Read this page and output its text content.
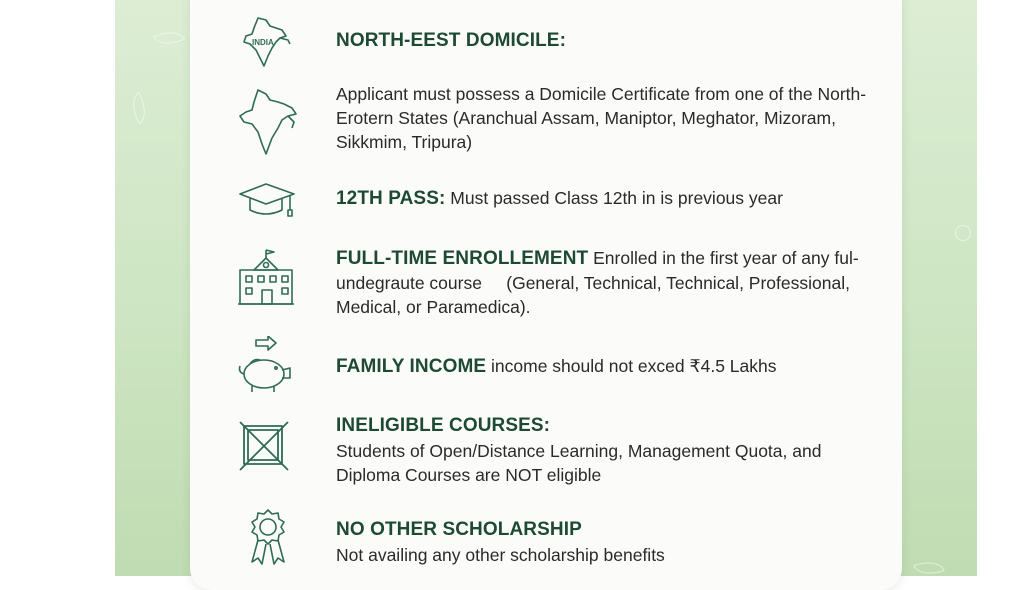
INDIA	NORTH-EEST DOMICILE:
Applicant must possess a Domicile Certificate from one of the North-Erotern States (Aranchual Assam, Maniptor, Meghator, Mizoram, Sikkmim, Tripura)
12TH PASS: Must passed Class 12th in is previous year
FULL-TIME ENROLLEMENT Enrolled in the first year of any ful-undegraute course     (General, Technical, Technical, Professional, Medical, or Paramedica).
FAMILY INCOME income should not exced ₹4.5 Lakhs
INELIGIBLE COURSES:
Students of Open/Distance Learning, Management Quota, and Diploma Courses are NOT eligible
NO OTHER SCHOLARSHIP
Not availing any other scholarship benefits
